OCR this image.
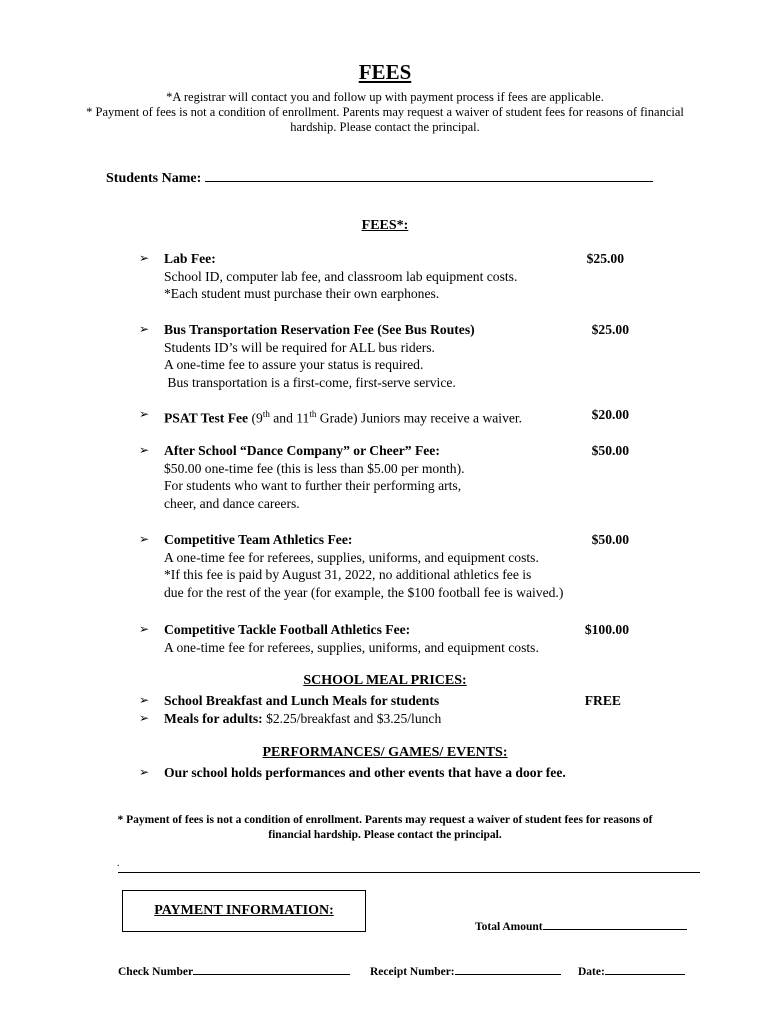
FEES
*A registrar will contact you and follow up with payment process if fees are applicable.
* Payment of fees is not a condition of enrollment. Parents may request a waiver of student fees for reasons of financial
hardship. Please contact the principal.
Students Name:
FEES*:
➢ Lab Fee:
School ID, computer lab fee, and classroom lab equipment costs.
*Each student must purchase their own earphones.
$25.00
➢ Bus Transportation Reservation Fee (See Bus Routes)
Students ID’s will be required for ALL bus riders.
A one-time fee to assure your status is required.
Bus transportation is a first-come, first-serve service.
$25.00
➢ PSAT Test Fee (9th and 11th Grade) Juniors may receive a waiver.	$20.00
➢ After School “Dance Company” or Cheer” Fee:
$50.00 one-time fee (this is less than $5.00 per month).
For students who want to further their performing arts,
cheer, and dance careers.
$50.00
➢ Competitive Team Athletics Fee:
A one-time fee for referees, supplies, uniforms, and equipment costs.
*If this fee is paid by August 31, 2022, no additional athletics fee is
due for the rest of the year (for example, the $100 football fee is waived.)
$50.00
➢ Competitive Tackle Football Athletics Fee:
A one-time fee for referees, supplies, uniforms, and equipment costs.
$100.00
SCHOOL MEAL PRICES:
➢ School Breakfast and Lunch Meals for students	FREE
➢ Meals for adults: $2.25/breakfast and $3.25/lunch
PERFORMANCES/ GAMES/ EVENTS:
➢ Our school holds performances and other events that have a door fee.
* Payment of fees is not a condition of enrollment. Parents may request a waiver of student fees for reasons of
financial hardship. Please contact the principal.
.
PAYMENT INFORMATION:
Total Amount
Check Number	Receipt Number:	Date:
